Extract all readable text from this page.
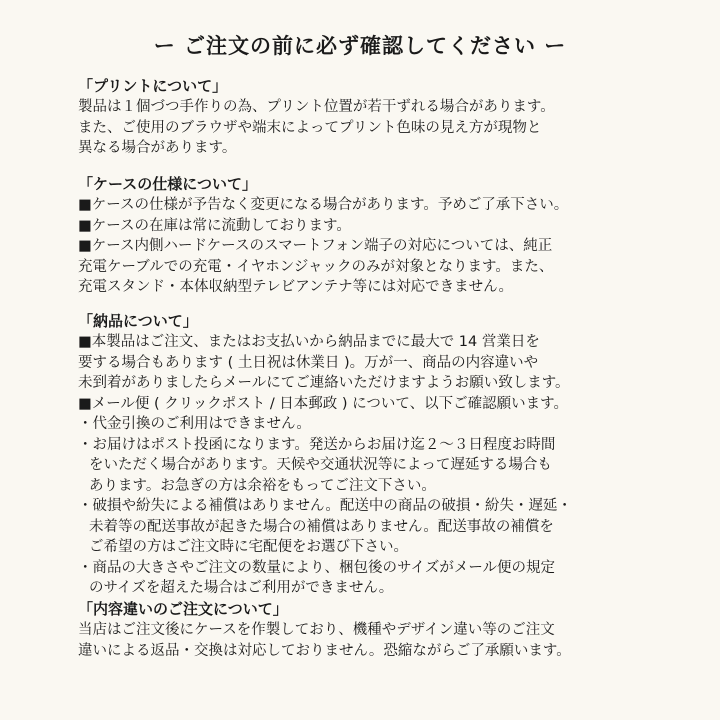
ー ご注文の前に必ず確認してください ー
「プリントについて」
製品は１個づつ手作りの為、プリント位置が若干ずれる場合があります。
また、ご使用のブラウザや端末によってプリント色味の見え方が現物と
異なる場合があります。
「ケースの仕様について」
■ケースの仕様が予告なく変更になる場合があります。予めご了承下さい。
■ケースの在庫は常に流動しております。
■ケース内側ハードケースのスマートフォン端子の対応については、純正
充電ケーブルでの充電・イヤホンジャックのみが対象となります。また、
充電スタンド・本体収納型テレビアンテナ等には対応できません。
「納品について」
■本製品はご注文、またはお支払いから納品までに最大で 14 営業日を
要する場合もあります ( 土日祝は休業日 )。万が一、商品の内容違いや
未到着がありましたらメールにてご連絡いただけますようお願い致します。
■メール便 ( クリックポスト / 日本郵政 ) について、以下ご確認願います。
・代金引換のご利用はできません。
・お届けはポスト投函になります。発送からお届け迄２〜３日程度お時間
をいただく場合があります。天候や交通状況等によって遅延する場合も
あります。お急ぎの方は余裕をもってご注文下さい。
・破損や紛失による補償はありません。配送中の商品の破損・紛失・遅延・
未着等の配送事故が起きた場合の補償はありません。配送事故の補償を
ご希望の方はご注文時に宅配便をお選び下さい。
・商品の大きさやご注文の数量により、梱包後のサイズがメール便の規定
のサイズを超えた場合はご利用ができません。
「内容違いのご注文について」
当店はご注文後にケースを作製しており、機種やデザイン違い等のご注文
違いによる返品・交換は対応しておりません。恐縮ながらご了承願います。
